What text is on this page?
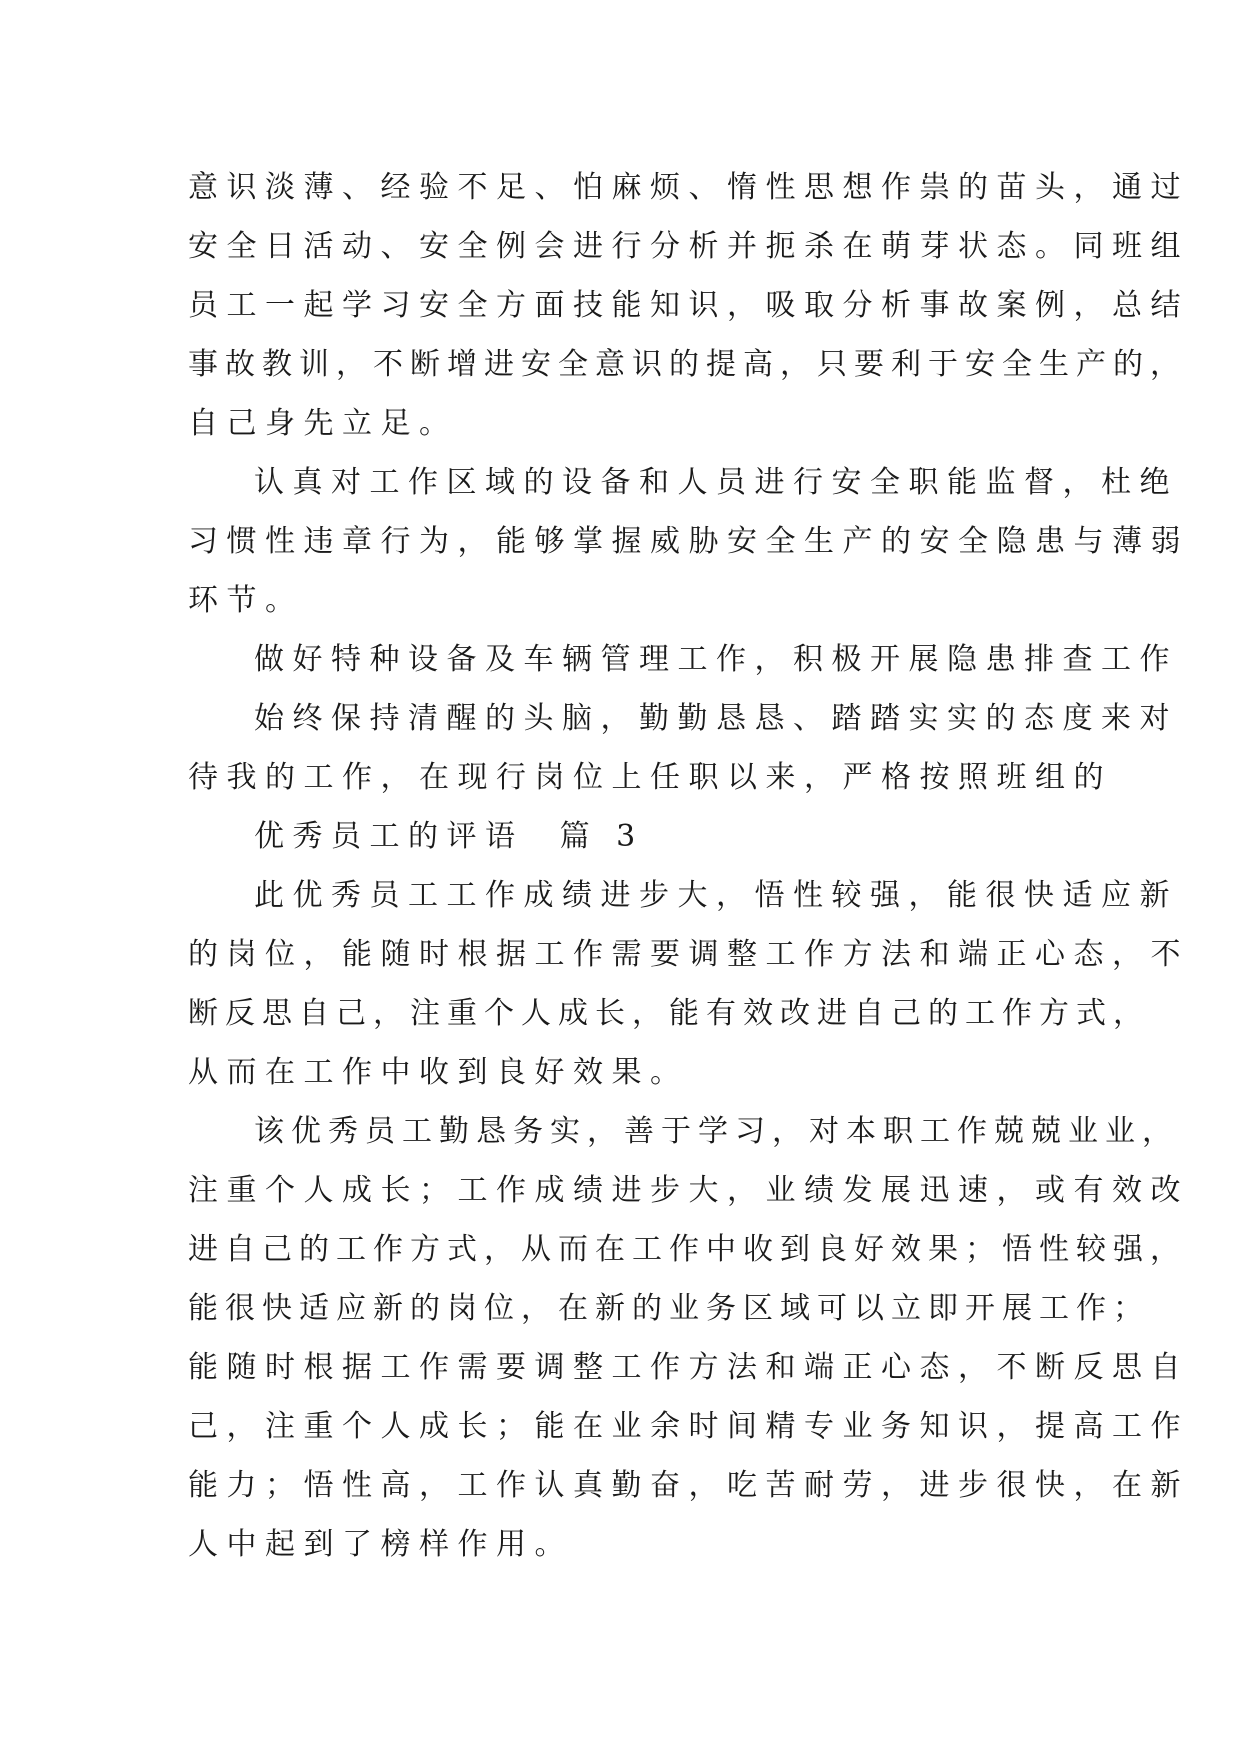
意识淡薄、经验不足、怕麻烦、惰性思想作祟的苗头，通过
安全日活动、安全例会进行分析并扼杀在萌芽状态。同班组
员工一起学习安全方面技能知识，吸取分析事故案例，总结
事故教训，不断增进安全意识的提高，只要利于安全生产的，
自己身先立足。
认真对工作区域的设备和人员进行安全职能监督，杜绝
习惯性违章行为，能够掌握威胁安全生产的安全隐患与薄弱
环节。
做好特种设备及车辆管理工作，积极开展隐患排查工作
始终保持清醒的头脑，勤勤恳恳、踏踏实实的态度来对
待我的工作，在现行岗位上任职以来，严格按照班组的
优秀员工的评语  篇 3
此优秀员工工作成绩进步大，悟性较强，能很快适应新
的岗位，能随时根据工作需要调整工作方法和端正心态，不
断反思自己，注重个人成长，能有效改进自己的工作方式，
从而在工作中收到良好效果。
该优秀员工勤恳务实，善于学习，对本职工作兢兢业业，
注重个人成长；工作成绩进步大，业绩发展迅速，或有效改
进自己的工作方式，从而在工作中收到良好效果；悟性较强，
能很快适应新的岗位，在新的业务区域可以立即开展工作；
能随时根据工作需要调整工作方法和端正心态，不断反思自
己，注重个人成长；能在业余时间精专业务知识，提高工作
能力；悟性高，工作认真勤奋，吃苦耐劳，进步很快，在新
人中起到了榜样作用。
